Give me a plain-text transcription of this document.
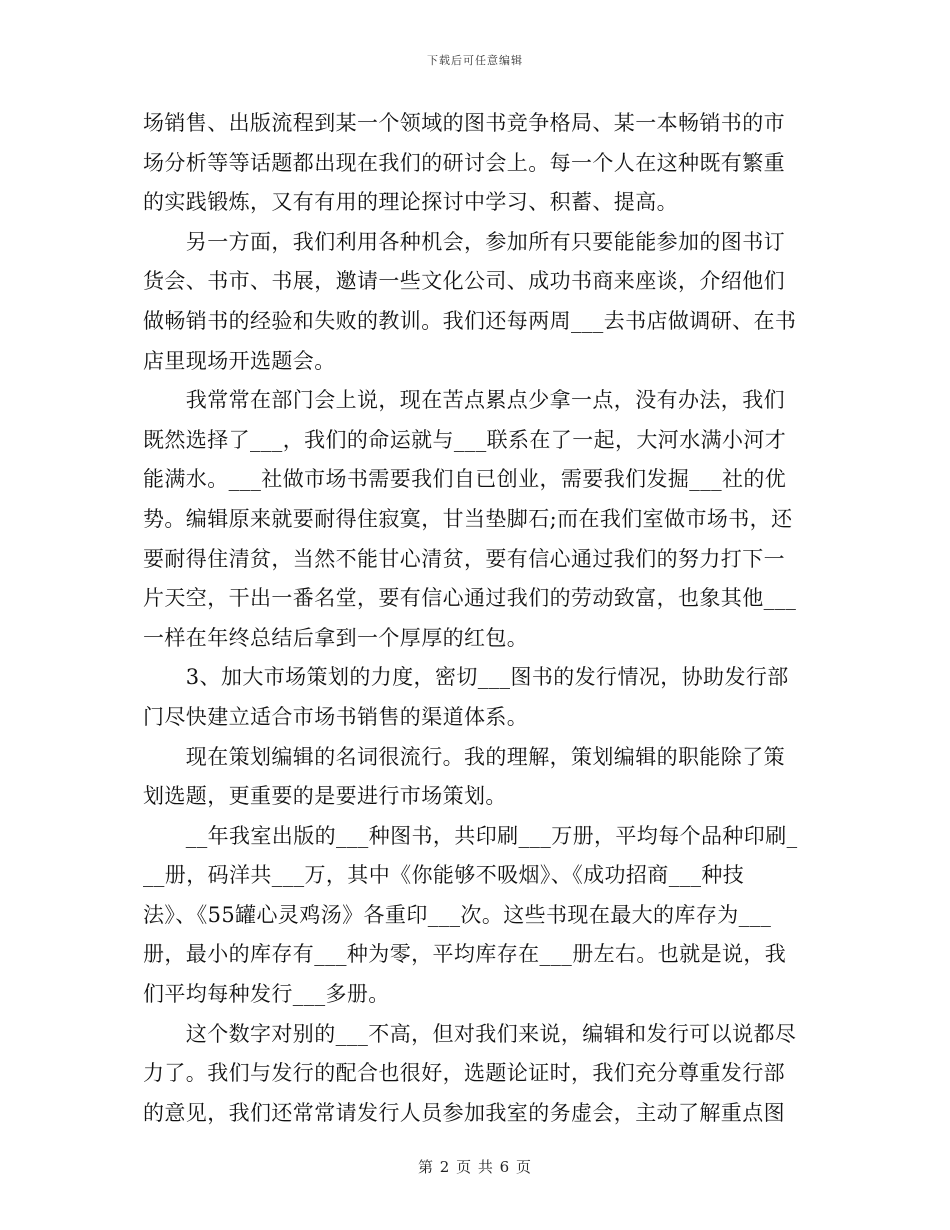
下载后可任意编辑
场销售、出版流程到某一个领域的图书竞争格局、某一本畅销书的市
场分析等等话题都出现在我们的研讨会上。每一个人在这种既有繁重
的实践锻炼，又有有用的理论探讨中学习、积蓄、提高。
　　另一方面，我们利用各种机会，参加所有只要能能参加的图书订
货会、书市、书展，邀请一些文化公司、成功书商来座谈，介绍他们
做畅销书的经验和失败的教训。我们还每两周___去书店做调研、在书
店里现场开选题会。
　　我常常在部门会上说，现在苦点累点少拿一点，没有办法，我们
既然选择了___，我们的命运就与___联系在了一起，大河水满小河才
能满水。___社做市场书需要我们自已创业，需要我们发掘___社的优
势。编辑原来就要耐得住寂寞，甘当垫脚石;而在我们室做市场书，还
要耐得住清贫，当然不能甘心清贫，要有信心通过我们的努力打下一
片天空，干出一番名堂，要有信心通过我们的劳动致富，也象其他___
一样在年终总结后拿到一个厚厚的红包。
　　3、加大市场策划的力度，密切___图书的发行情况，协助发行部
门尽快建立适合市场书销售的渠道体系。
　　现在策划编辑的名词很流行。我的理解，策划编辑的职能除了策
划选题，更重要的是要进行市场策划。
　　__年我室出版的___种图书，共印刷___万册，平均每个品种印刷_
__册，码洋共___万，其中《你能够不吸烟》、《成功招商___种技
法》、《55罐心灵鸡汤》各重印___次。这些书现在最大的库存为___
册，最小的库存有___种为零，平均库存在___册左右。也就是说，我
们平均每种发行___多册。
　　这个数字对别的___不高，但对我们来说，编辑和发行可以说都尽
力了。我们与发行的配合也很好，选题论证时，我们充分尊重发行部
的意见，我们还常常请发行人员参加我室的务虚会，主动了解重点图
第 2 页 共 6 页
